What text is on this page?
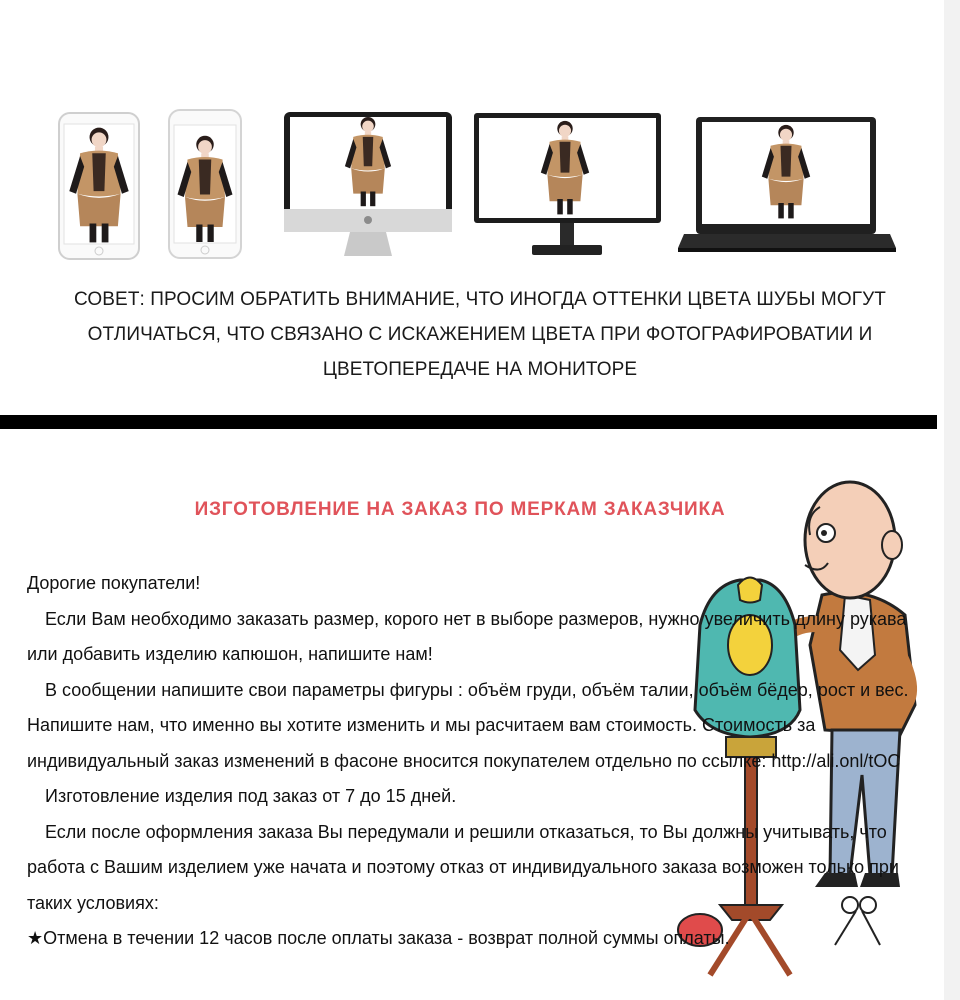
СОВЕТ: ПРОСИМ ОБРАТИТЬ ВНИМАНИЕ, ЧТО ИНОГДА ОТТЕНКИ ЦВЕТА ШУБЫ МОГУТ
ОТЛИЧАТЬСЯ, ЧТО СВЯЗАНО С ИСКАЖЕНИЕМ ЦВЕТА ПРИ ФОТОГРАФИРОВАТИИ И
ЦВЕТОПЕРЕДАЧЕ НА МОНИТОРЕ
ИЗГОТОВЛЕНИЕ НА ЗАКАЗ ПО МЕРКАМ ЗАКАЗЧИКА

Дорогие покупатели!

Если Вам необходимо заказать размер, корого нет в выборе размеров, нужно увеличить длину рукава или добавить изделию капюшон, напишите нам!

В сообщении напишите свои параметры фигуры : объём груди, объём талии, объём бёдер, рост и вес. Напишите нам, что именно вы хотите изменить и мы расчитаем вам стоимость. Стоимость за индивидуальный заказ изменений в фасоне вносится покупателем отдельно по ссылке: http://ali.onl/tOC

Изготовление изделия под заказ от 7 до 15 дней.

Если после оформления заказа Вы передумали и решили отказаться, то Вы должны учитывать, что работа с Вашим изделием уже начата и поэтому отказ от индивидуального заказа возможен только при таких условиях:

★Отмена в течении 12 часов после оплаты заказа - возврат полной суммы оплаты.
